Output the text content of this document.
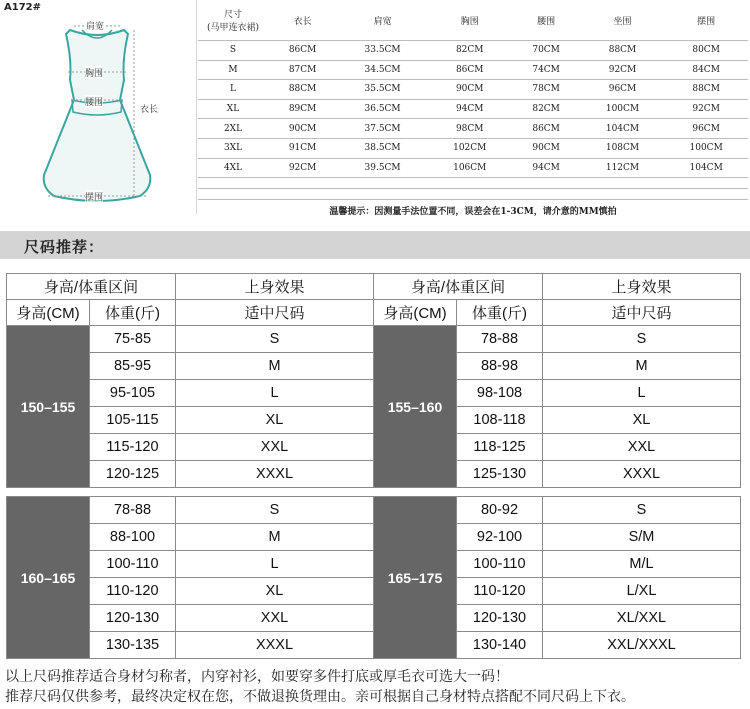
A172#
肩宽
胸围
腰围
衣长
摆围
尺寸
(马甲连衣裙)	衣长	肩宽	胸围	腰围	坐围	摆围
S	86CM	33.5CM	82CM	70CM	88CM	80CM
M	87CM	34.5CM	86CM	74CM	92CM	84CM
L	88CM	35.5CM	90CM	78CM	96CM	88CM
XL	89CM	36.5CM	94CM	82CM	100CM	92CM
2XL	90CM	37.5CM	98CM	86CM	104CM	96CM
3XL	91CM	38.5CM	102CM	90CM	108CM	100CM
4XL	92CM	39.5CM	106CM	94CM	112CM	104CM

温馨提示：因测量手法位置不同，误差会在1-3CM，请介意的MM慎拍						
尺码推荐：
身高/体重区间		上身效果
身高(CM)	体重(斤)	适中尺码
150–155	75-85	S
	85-95	M
	95-105	L
	105-115	XL
	115-120	XXL
	120-125	XXXL
身高/体重区间		上身效果
身高(CM)	体重(斤)	适中尺码
155–160	78-88	S
	88-98	M
	98-108	L
	108-118	XL
	118-125	XXL
	125-130	XXXL
160–165	78-88	S
	88-100	M
	100-110	L
	110-120	XL
	120-130	XXL
	130-135	XXXL
165–175	80-92	S
	92-100	S/M
	100-110	M/L
	110-120	L/XL
	120-130	XL/XXL
	130-140	XXL/XXXL
以上尺码推荐适合身材匀称者，内穿衬衫，如要穿多件打底或厚毛衣可选大一码！
推荐尺码仅供参考，最终决定权在您，不做退换货理由。亲可根据自己身材特点搭配不同尺码上下衣。
